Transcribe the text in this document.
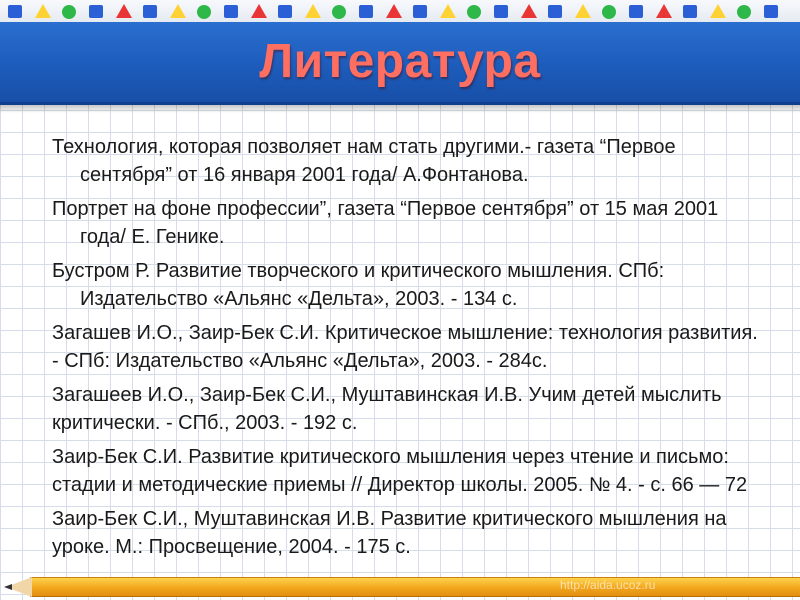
Литература

Технология, которая позволяет нам стать другими.- газета “Первое сентября” от 16 января 2001 года/ А.Фонтанова.

Портрет на фоне профессии”, газета “Первое сентября” от 15 мая 2001 года/ Е. Генике.

Бустром Р. Развитие творческого и критического мышления. СПб: Издательство «Альянс «Дельта», 2003. - 134 с.

Загашев И.О., Заир-Бек С.И. Критическое мышление: технология развития. - СПб: Издательство «Альянс «Дельта», 2003. - 284с.

Загашеев И.О., Заир-Бек С.И., Муштавинская И.В. Учим детей мыслить критически. - СПб., 2003. - 192 с.

Заир-Бек С.И. Развитие критического мышления через чтение и письмо: стадии и методические приемы // Директор школы. 2005. № 4. - с. 66 — 72

Заир-Бек С.И., Муштавинская И.В. Развитие критического мышления на уроке. М.: Просвещение, 2004. - 175 с.

http://aida.ucoz.ru
